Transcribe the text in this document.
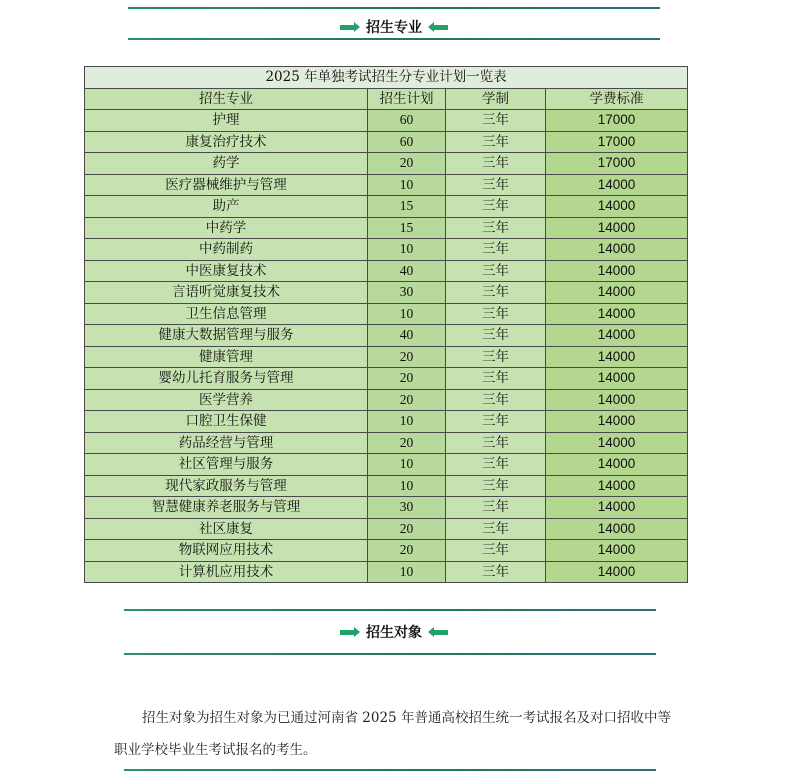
招生专业
2025 年单独考试招生分专业计划一览表			
招生专业	招生计划	学制	学费标准
护理	60	三年	17000
康复治疗技术	60	三年	17000
药学	20	三年	17000
医疗器械维护与管理	10	三年	14000
助产	15	三年	14000
中药学	15	三年	14000
中药制药	10	三年	14000
中医康复技术	40	三年	14000
言语听觉康复技术	30	三年	14000
卫生信息管理	10	三年	14000
健康大数据管理与服务	40	三年	14000
健康管理	20	三年	14000
婴幼儿托育服务与管理	20	三年	14000
医学营养	20	三年	14000
口腔卫生保健	10	三年	14000
药品经营与管理	20	三年	14000
社区管理与服务	10	三年	14000
现代家政服务与管理	10	三年	14000
智慧健康养老服务与管理	30	三年	14000
社区康复	20	三年	14000
物联网应用技术	20	三年	14000
计算机应用技术	10	三年	14000
招生对象

招生对象为招生对象为已通过河南省 2025 年普通高校招生统一考试报名及对口招收中等职业学校毕业生考试报名的考生。
